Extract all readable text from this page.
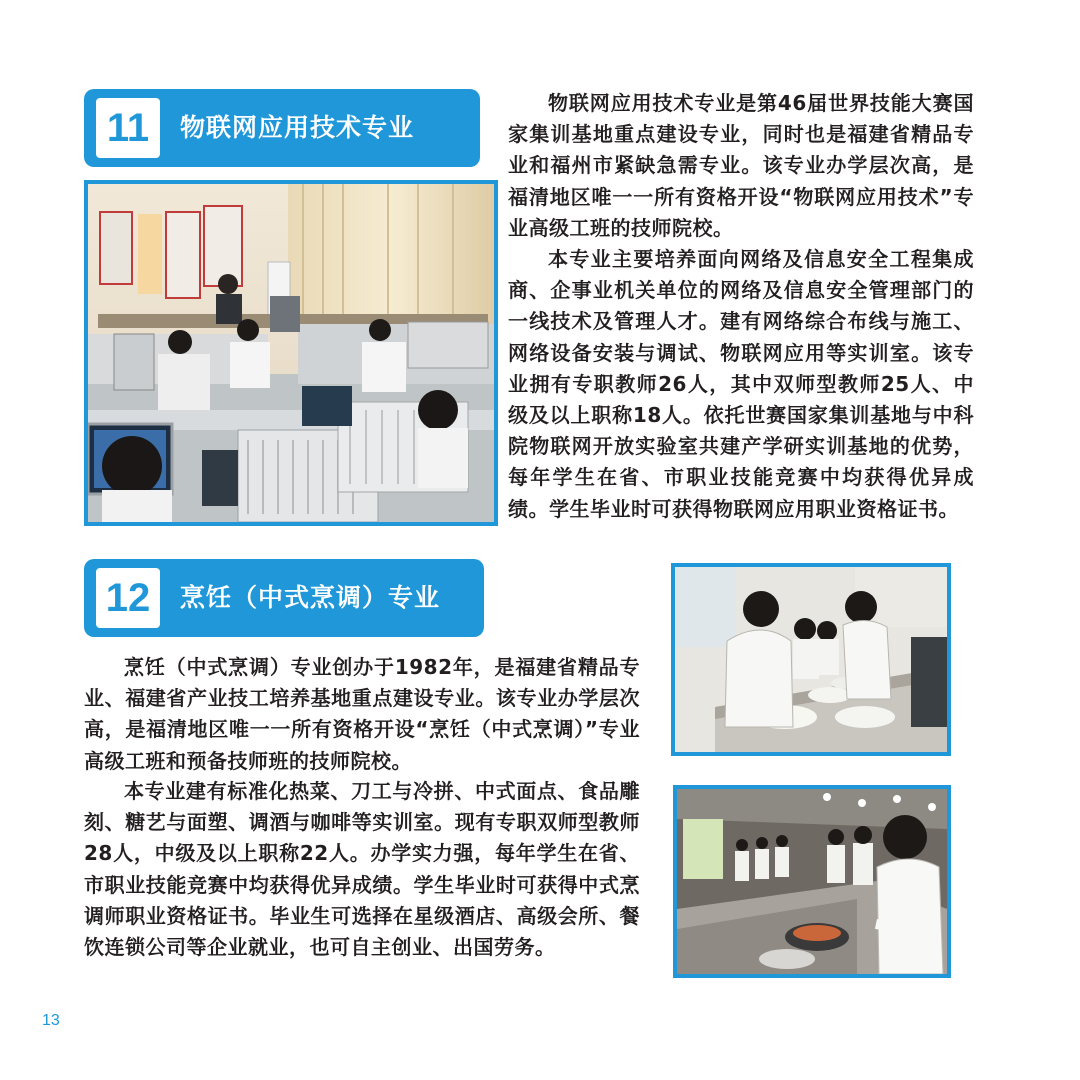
11	物联网应用技术专业

物联网应用技术专业是第46届世界技能大赛国家集训基地重点建设专业，同时也是福建省精品专业和福州市紧缺急需专业。该专业办学层次高，是福清地区唯一一所有资格开设“物联网应用技术”专业高级工班的技师院校。

本专业主要培养面向网络及信息安全工程集成商、企事业机关单位的网络及信息安全管理部门的一线技术及管理人才。建有网络综合布线与施工、网络设备安装与调试、物联网应用等实训室。该专业拥有专职教师26人，其中双师型教师25人、中级及以上职称18人。依托世赛国家集训基地与中科院物联网开放实验室共建产学研实训基地的优势，每年学生在省、市职业技能竞赛中均获得优异成绩。学生毕业时可获得物联网应用职业资格证书。

12	烹饪（中式烹调）专业

烹饪（中式烹调）专业创办于1982年，是福建省精品专业、福建省产业技工培养基地重点建设专业。该专业办学层次高，是福清地区唯一一所有资格开设“烹饪（中式烹调）”专业高级工班和预备技师班的技师院校。

本专业建有标准化热菜、刀工与冷拼、中式面点、食品雕刻、糖艺与面塑、调酒与咖啡等实训室。现有专职双师型教师28人，中级及以上职称22人。办学实力强，每年学生在省、市职业技能竞赛中均获得优异成绩。学生毕业时可获得中式烹调师职业资格证书。毕业生可选择在星级酒店、高级会所、餐饮连锁公司等企业就业，也可自主创业、出国劳务。

13
